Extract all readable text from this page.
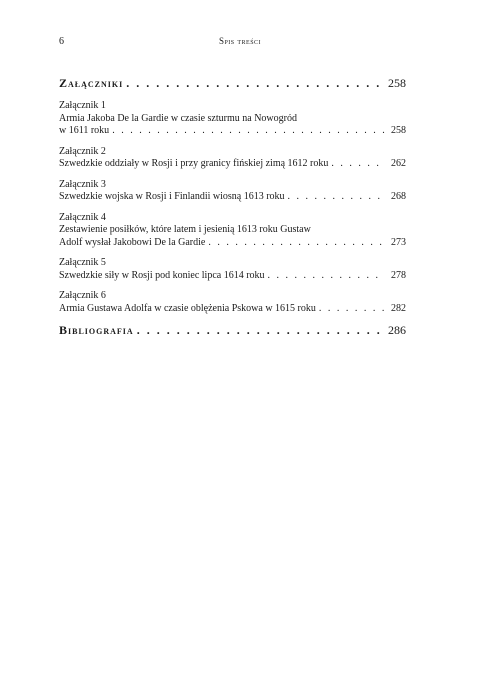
6	Spis treści
Załączniki . . .	258
Załącznik 1
Armia Jakoba De la Gardie w czasie szturmu na Nowogród
w 1611 roku . . .	258
Załącznik 2
Szwedzkie oddziały w Rosji i przy granicy fińskiej zimą 1612 roku . . .	262
Załącznik 3
Szwedzkie wojska w Rosji i Finlandii wiosną 1613 roku . . .	268
Załącznik 4
Zestawienie posiłków, które latem i jesienią 1613 roku Gustaw
Adolf wysłał Jakobowi De la Gardie . . .	273
Załącznik 5
Szwedzkie siły w Rosji pod koniec lipca 1614 roku . . .	278
Załącznik 6
Armia Gustawa Adolfa w czasie oblężenia Pskowa w 1615 roku . . .	282
Bibliografia . . .	286
